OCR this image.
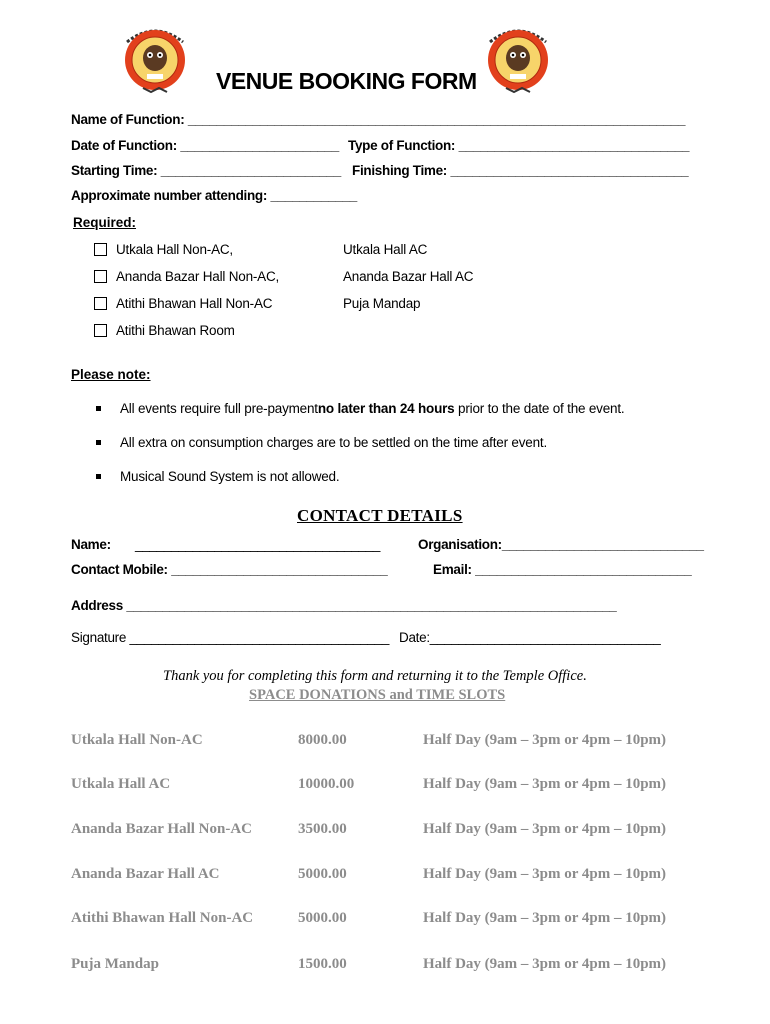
VENUE BOOKING FORM
Name of Function: _____________________________________________________________________
Date of Function: ______________________ Type of Function: ________________________________
Starting Time: _________________________ Finishing Time: _________________________________
Approximate number attending: ____________
Required:
Utkala Hall Non-AC,	Utkala Hall AC
Ananda Bazar Hall Non-AC,	Ananda Bazar Hall AC
Atithi Bhawan Hall Non-AC	Puja Mandap
Atithi Bhawan Room
Please note:
All events require full pre-payment no later than 24 hours prior to the date of the event.
All extra on consumption charges are to be settled on the time after event.
Musical Sound System is not allowed.
CONTACT DETAILS
Name: __________________________________	Organisation:____________________________
Contact Mobile: ______________________________	Email: ______________________________
Address ____________________________________________________________________
Signature ____________________________________ Date:________________________________
Thank you for completing this form and returning it to the Temple Office.
SPACE DONATIONS and TIME SLOTS
Utkala Hall Non-AC	8000.00	Half Day (9am – 3pm or 4pm – 10pm)
Utkala Hall AC	10000.00	Half Day (9am – 3pm or 4pm – 10pm)
Ananda Bazar Hall Non-AC	3500.00	Half Day (9am – 3pm or 4pm – 10pm)
Ananda Bazar Hall AC	5000.00	Half Day (9am – 3pm or 4pm – 10pm)
Atithi Bhawan Hall Non-AC	5000.00	Half Day (9am – 3pm or 4pm – 10pm)
Puja Mandap	1500.00	Half Day (9am – 3pm or 4pm – 10pm)
